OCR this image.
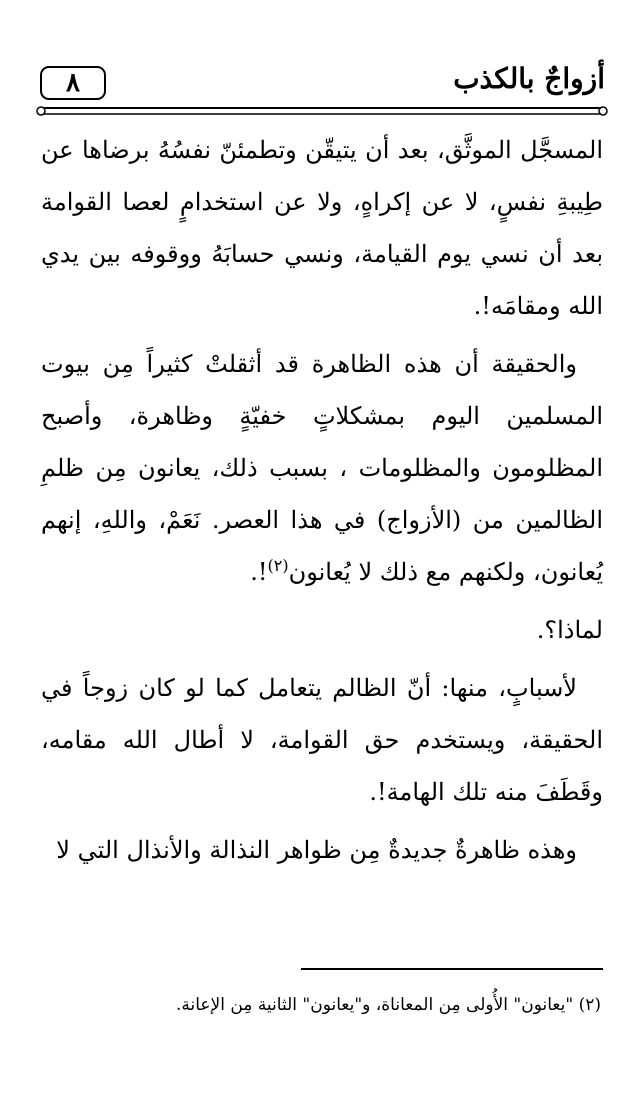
أزواجٌ بالكذب
٨

المسجَّل الموثَّق، بعد أن يتيقّن وتطمئنّ نفسُهُ برضاها عن طِيبةِ نفسٍ، لا عن إكراهٍ، ولا عن استخدامٍ لعصا القوامة بعد أن نسي يوم القيامة، ونسي حسابَهُ ووقوفه بين يدي الله ومقامَه!.

والحقيقة أن هذه الظاهرة قد أثقلتْ كثيراً مِن بيوت المسلمين اليوم بمشكلاتٍ خفيّةٍ وظاهرة، وأصبح المظلومون والمظلومات ، بسبب ذلك، يعانون مِن ظلمِ الظالمين من (الأزواج) في هذا العصر. نَعَمْ، واللهِ، إنهم يُعانون، ولكنهم مع ذلك لا يُعانون$^{(٢)}$!.

لماذا؟.

لأسبابٍ، منها: أنّ الظالم يتعامل كما لو كان زوجاً في الحقيقة، ويستخدم حق القوامة، لا أطال الله مقامه، وقَطَفَ منه تلك الهامة!.

وهذه ظاهرةٌ جديدةٌ مِن ظواهر النذالة والأنذال التي لا

(٢) "يعانون" الأُولى مِن المعاناة، و"يعانون" الثانية مِن الإعانة.
